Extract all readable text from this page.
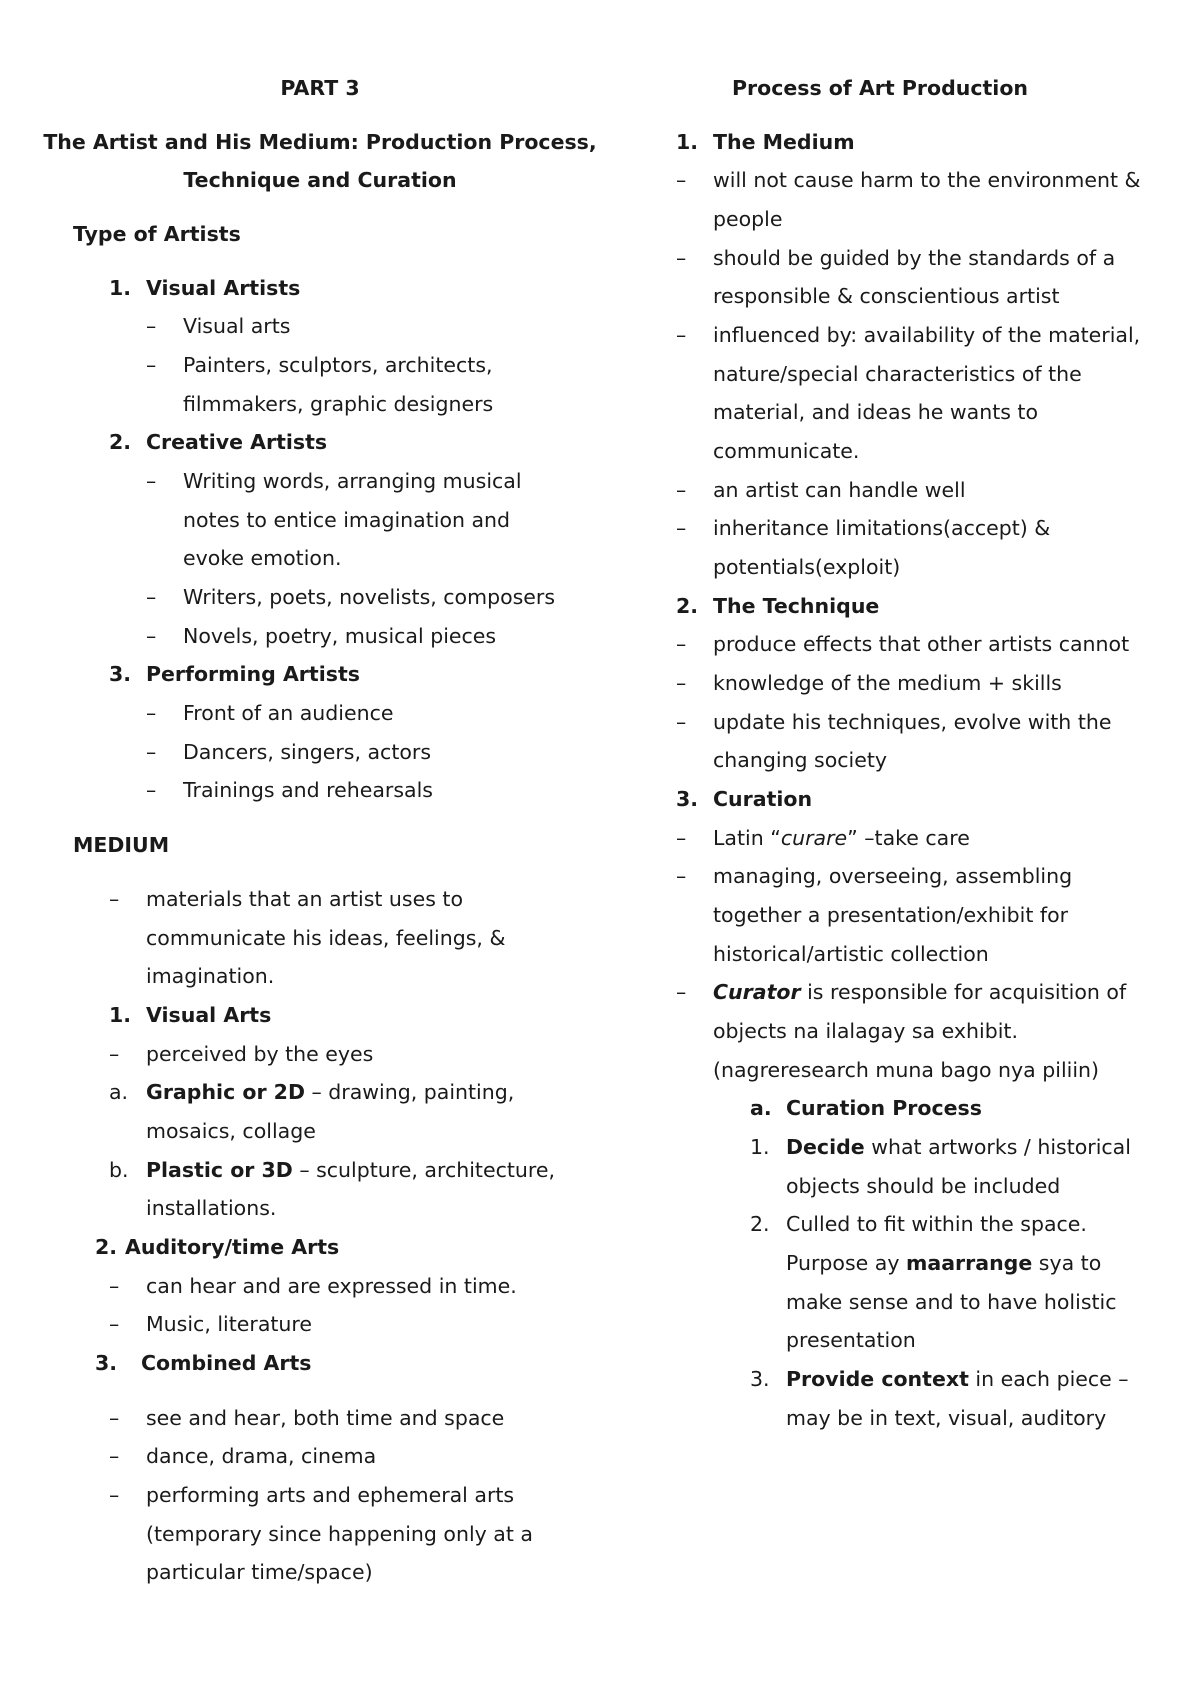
PART 3
The Artist and His Medium: Production Process,
Technique and Curation
Type of Artists
1. Visual Artists
– Visual arts
– Painters, sculptors, architects,
filmmakers, graphic designers
2. Creative Artists
– Writing words, arranging musical
notes to entice imagination and
evoke emotion.
– Writers, poets, novelists, composers
– Novels, poetry, musical pieces
3. Performing Artists
– Front of an audience
– Dancers, singers, actors
– Trainings and rehearsals
MEDIUM
– materials that an artist uses to
communicate his ideas, feelings, &
imagination.
1. Visual Arts
– perceived by the eyes
a. Graphic or 2D – drawing, painting,
mosaics, collage
b. Plastic or 3D – sculpture, architecture,
installations.
2. Auditory/time Arts
– can hear and are expressed in time.
– Music, literature
3. Combined Arts
– see and hear, both time and space
– dance, drama, cinema
– performing arts and ephemeral arts
(temporary since happening only at a
particular time/space)
Process of Art Production
1. The Medium
– will not cause harm to the environment &
people
– should be guided by the standards of a
responsible & conscientious artist
– influenced by: availability of the material,
nature/special characteristics of the
material, and ideas he wants to
communicate.
– an artist can handle well
– inheritance limitations(accept) &
potentials(exploit)
2. The Technique
– produce effects that other artists cannot
– knowledge of the medium + skills
– update his techniques, evolve with the
changing society
3. Curation
– Latin “curare” –take care
– managing, overseeing, assembling
together a presentation/exhibit for
historical/artistic collection
– Curator is responsible for acquisition of
objects na ilalagay sa exhibit.
(nagreresearch muna bago nya piliin)
a. Curation Process
1. Decide what artworks / historical
objects should be included
2. Culled to fit within the space.
Purpose ay maarrange sya to
make sense and to have holistic
presentation
3. Provide context in each piece –
may be in text, visual, auditory
